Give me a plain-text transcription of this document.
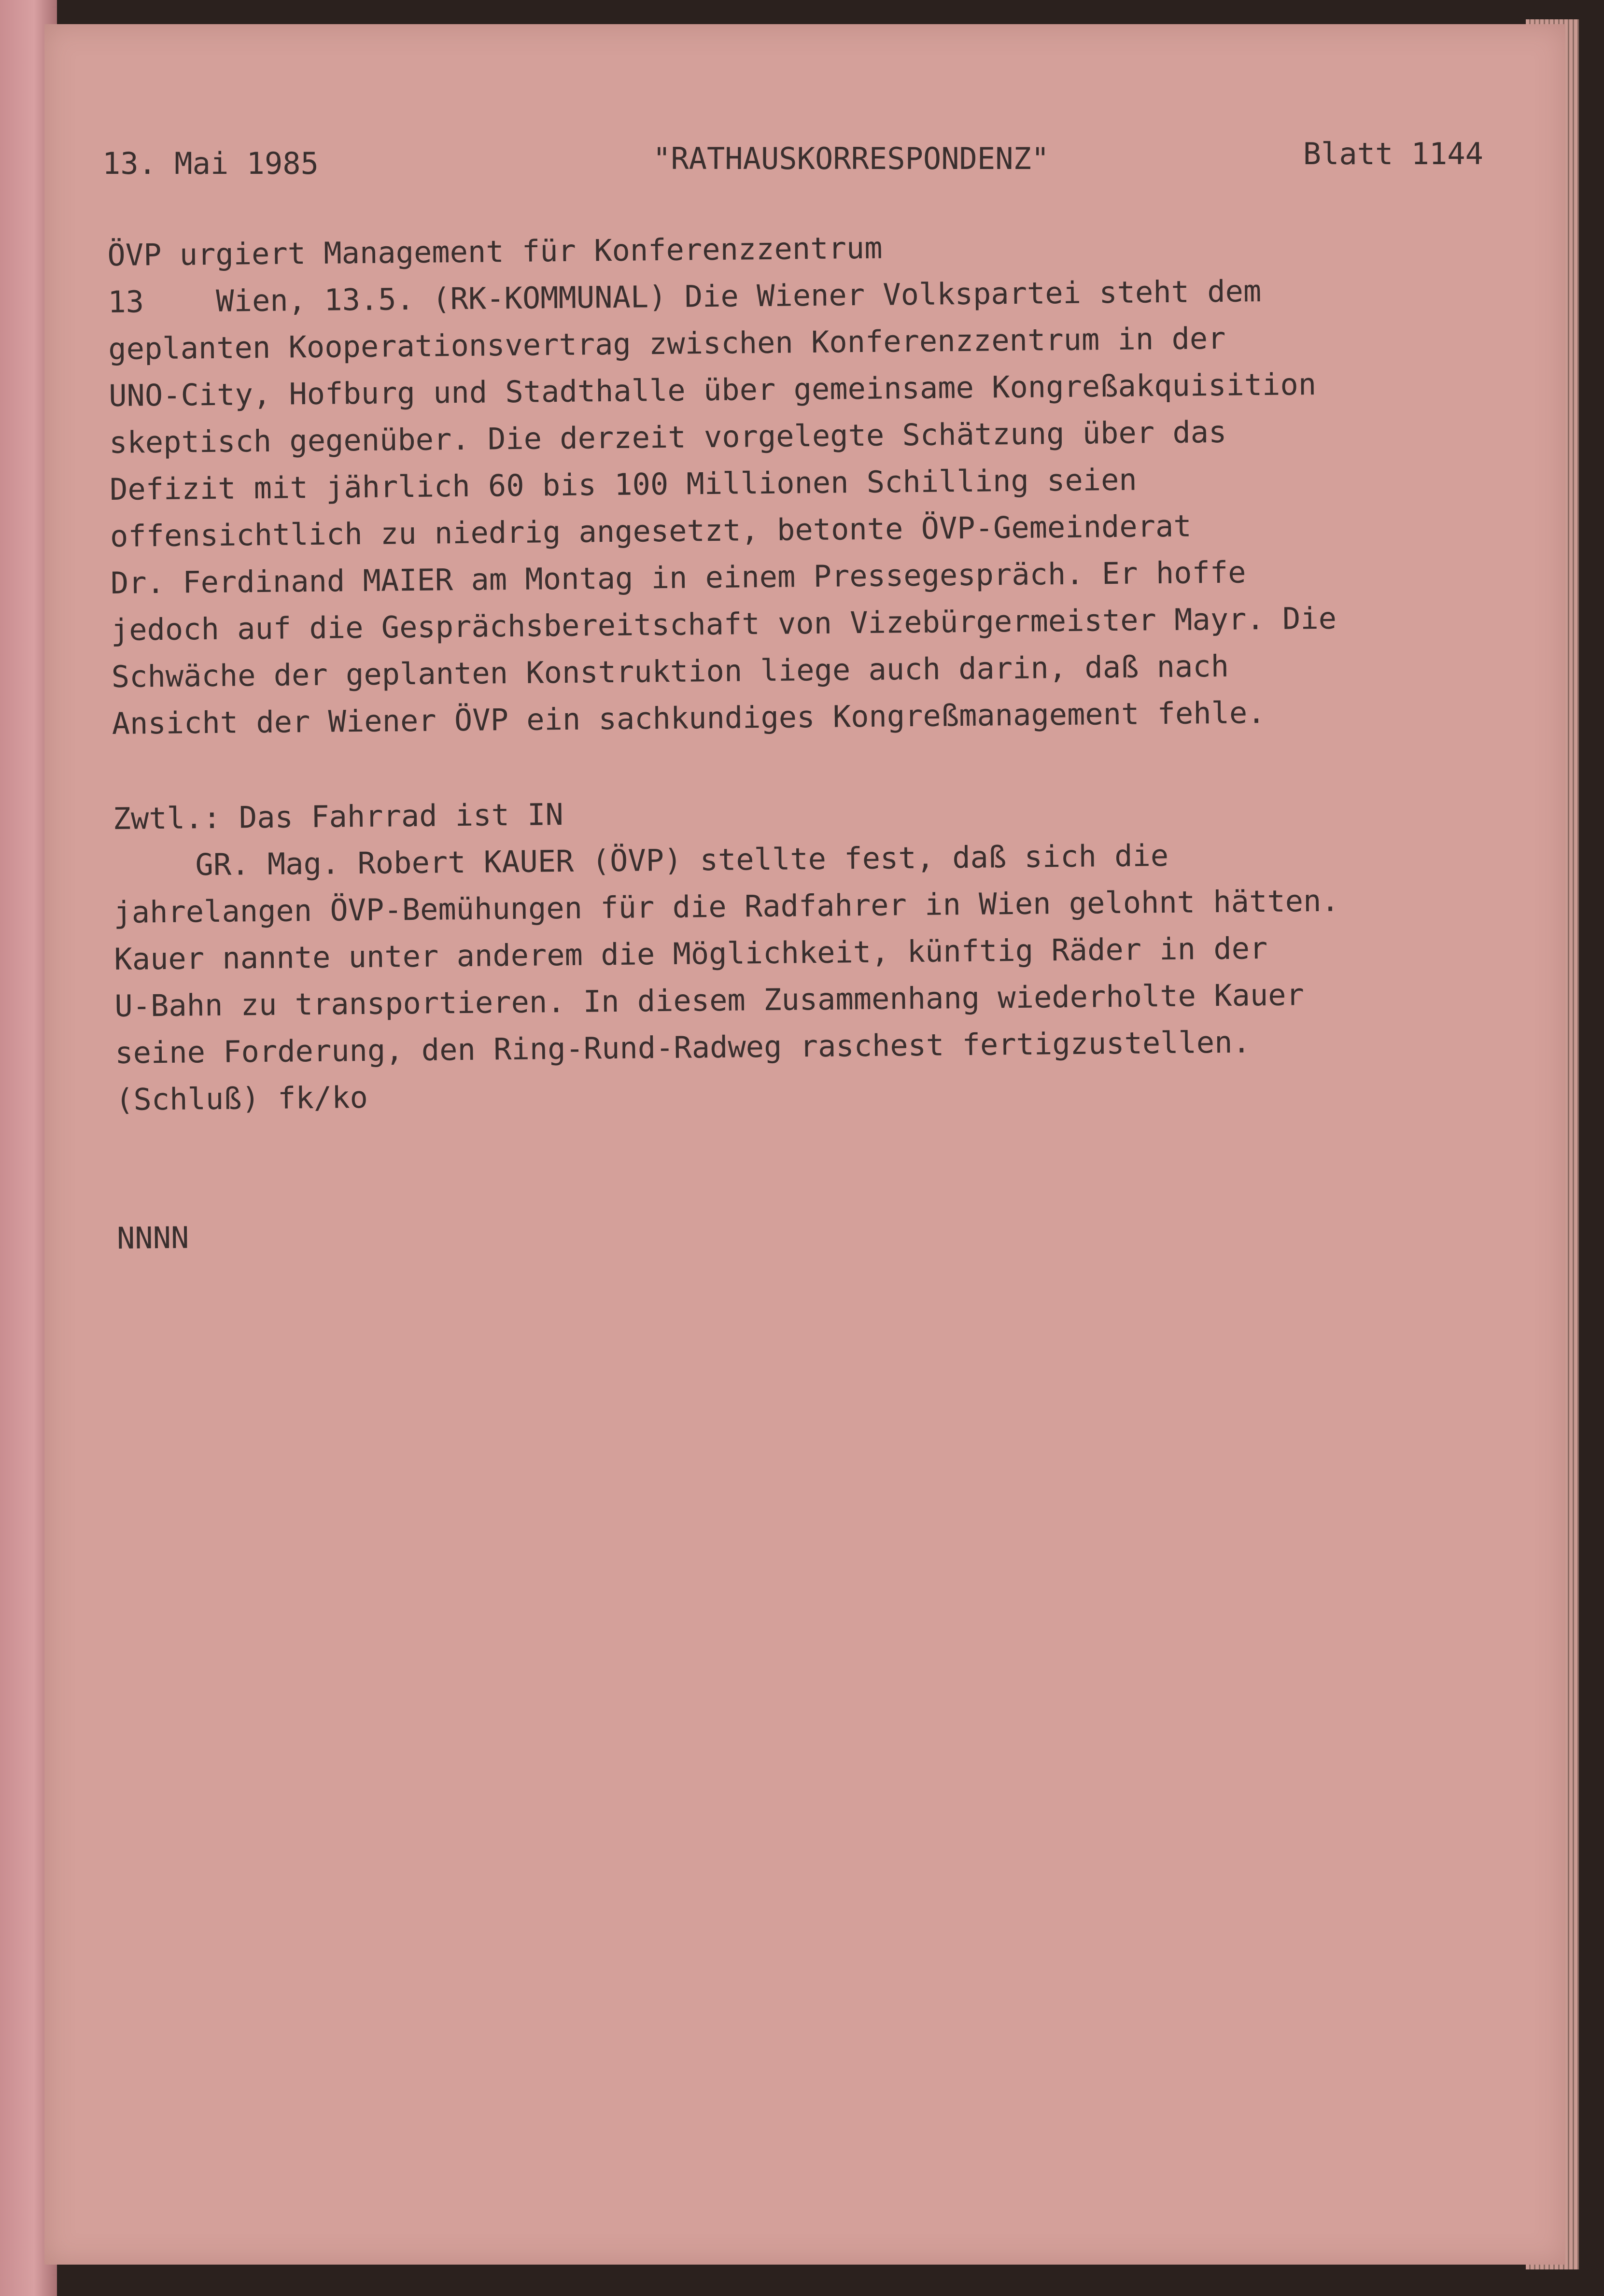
13. Mai 1985	"RATHAUSKORRESPONDENZ"	Blatt 1144
ÖVP urgiert Management für Konferenzzentrum
13 Wien, 13.5. (RK-KOMMUNAL) Die Wiener Volkspartei steht dem
geplanten Kooperationsvertrag zwischen Konferenzzentrum in der
UNO-City, Hofburg und Stadthalle über gemeinsame Kongreßakquisition
skeptisch gegenüber. Die derzeit vorgelegte Schätzung über das
Defizit mit jährlich 60 bis 100 Millionen Schilling seien
offensichtlich zu niedrig angesetzt, betonte ÖVP-Gemeinderat
Dr. Ferdinand MAIER am Montag in einem Pressegespräch. Er hoffe
jedoch auf die Gesprächsbereitschaft von Vizebürgermeister Mayr. Die
Schwäche der geplanten Konstruktion liege auch darin, daß nach
Ansicht der Wiener ÖVP ein sachkundiges Kongreßmanagement fehle.
Zwtl.: Das Fahrrad ist IN
GR. Mag. Robert KAUER (ÖVP) stellte fest, daß sich die
jahrelangen ÖVP-Bemühungen für die Radfahrer in Wien gelohnt hätten.
Kauer nannte unter anderem die Möglichkeit, künftig Räder in der
U-Bahn zu transportieren. In diesem Zusammenhang wiederholte Kauer
seine Forderung, den Ring-Rund-Radweg raschest fertigzustellen.
(Schluß) fk/ko
NNNN
